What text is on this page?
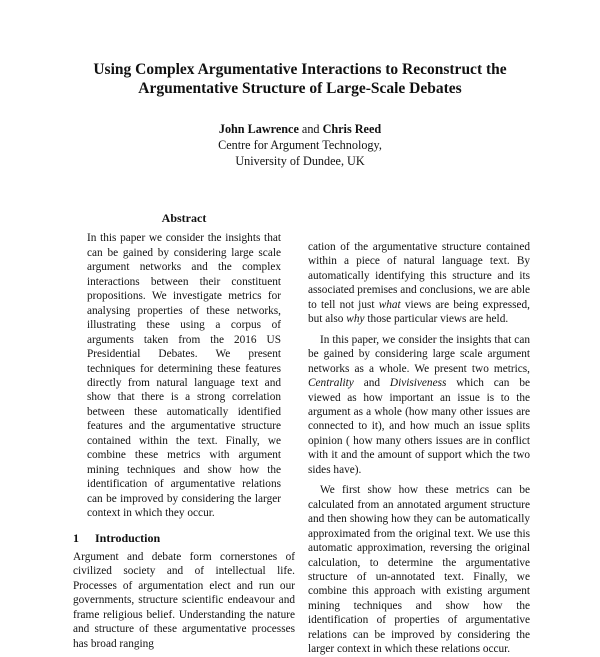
Using Complex Argumentative Interactions to Reconstruct the
Argumentative Structure of Large-Scale Debates
John Lawrence and Chris Reed
Centre for Argument Technology,
University of Dundee, UK
Abstract

In this paper we consider the insights that can be gained by considering large scale argument networks and the complex interactions between their constituent propositions. We investigate metrics for analysing properties of these networks, illustrating these using a corpus of arguments taken from the 2016 US Presidential Debates. We present techniques for determining these features directly from natural language text and show that there is a strong correlation between these automatically identified features and the argumentative structure contained within the text. Finally, we combine these metrics with argument mining techniques and show how the identification of argumentative relations can be improved by considering the larger context in which they occur.

1 Introduction

Argument and debate form cornerstones of civilized society and of intellectual life. Processes of argumentation elect and run our governments, structure scientific endeavour and frame religious belief. Understanding the nature and structure of these argumentative processes has broad ranging

cation of the argumentative structure contained within a piece of natural language text. By automatically identifying this structure and its associated premises and conclusions, we are able to tell not just what views are being expressed, but also why those particular views are held.

In this paper, we consider the insights that can be gained by considering large scale argument networks as a whole. We present two metrics, Centrality and Divisiveness which can be viewed as how important an issue is to the argument as a whole (how many other issues are connected to it), and how much an issue splits opinion ( how many others issues are in conflict with it and the amount of support which the two sides have).

We first show how these metrics can be calculated from an annotated argument structure and then showing how they can be automatically approximated from the original text. We use this automatic approximation, reversing the original calculation, to determine the argumentative structure of un-annotated text. Finally, we combine this approach with existing argument mining techniques and show how the identification of properties of argumentative relations can be improved by considering the larger context in which these relations occur.
